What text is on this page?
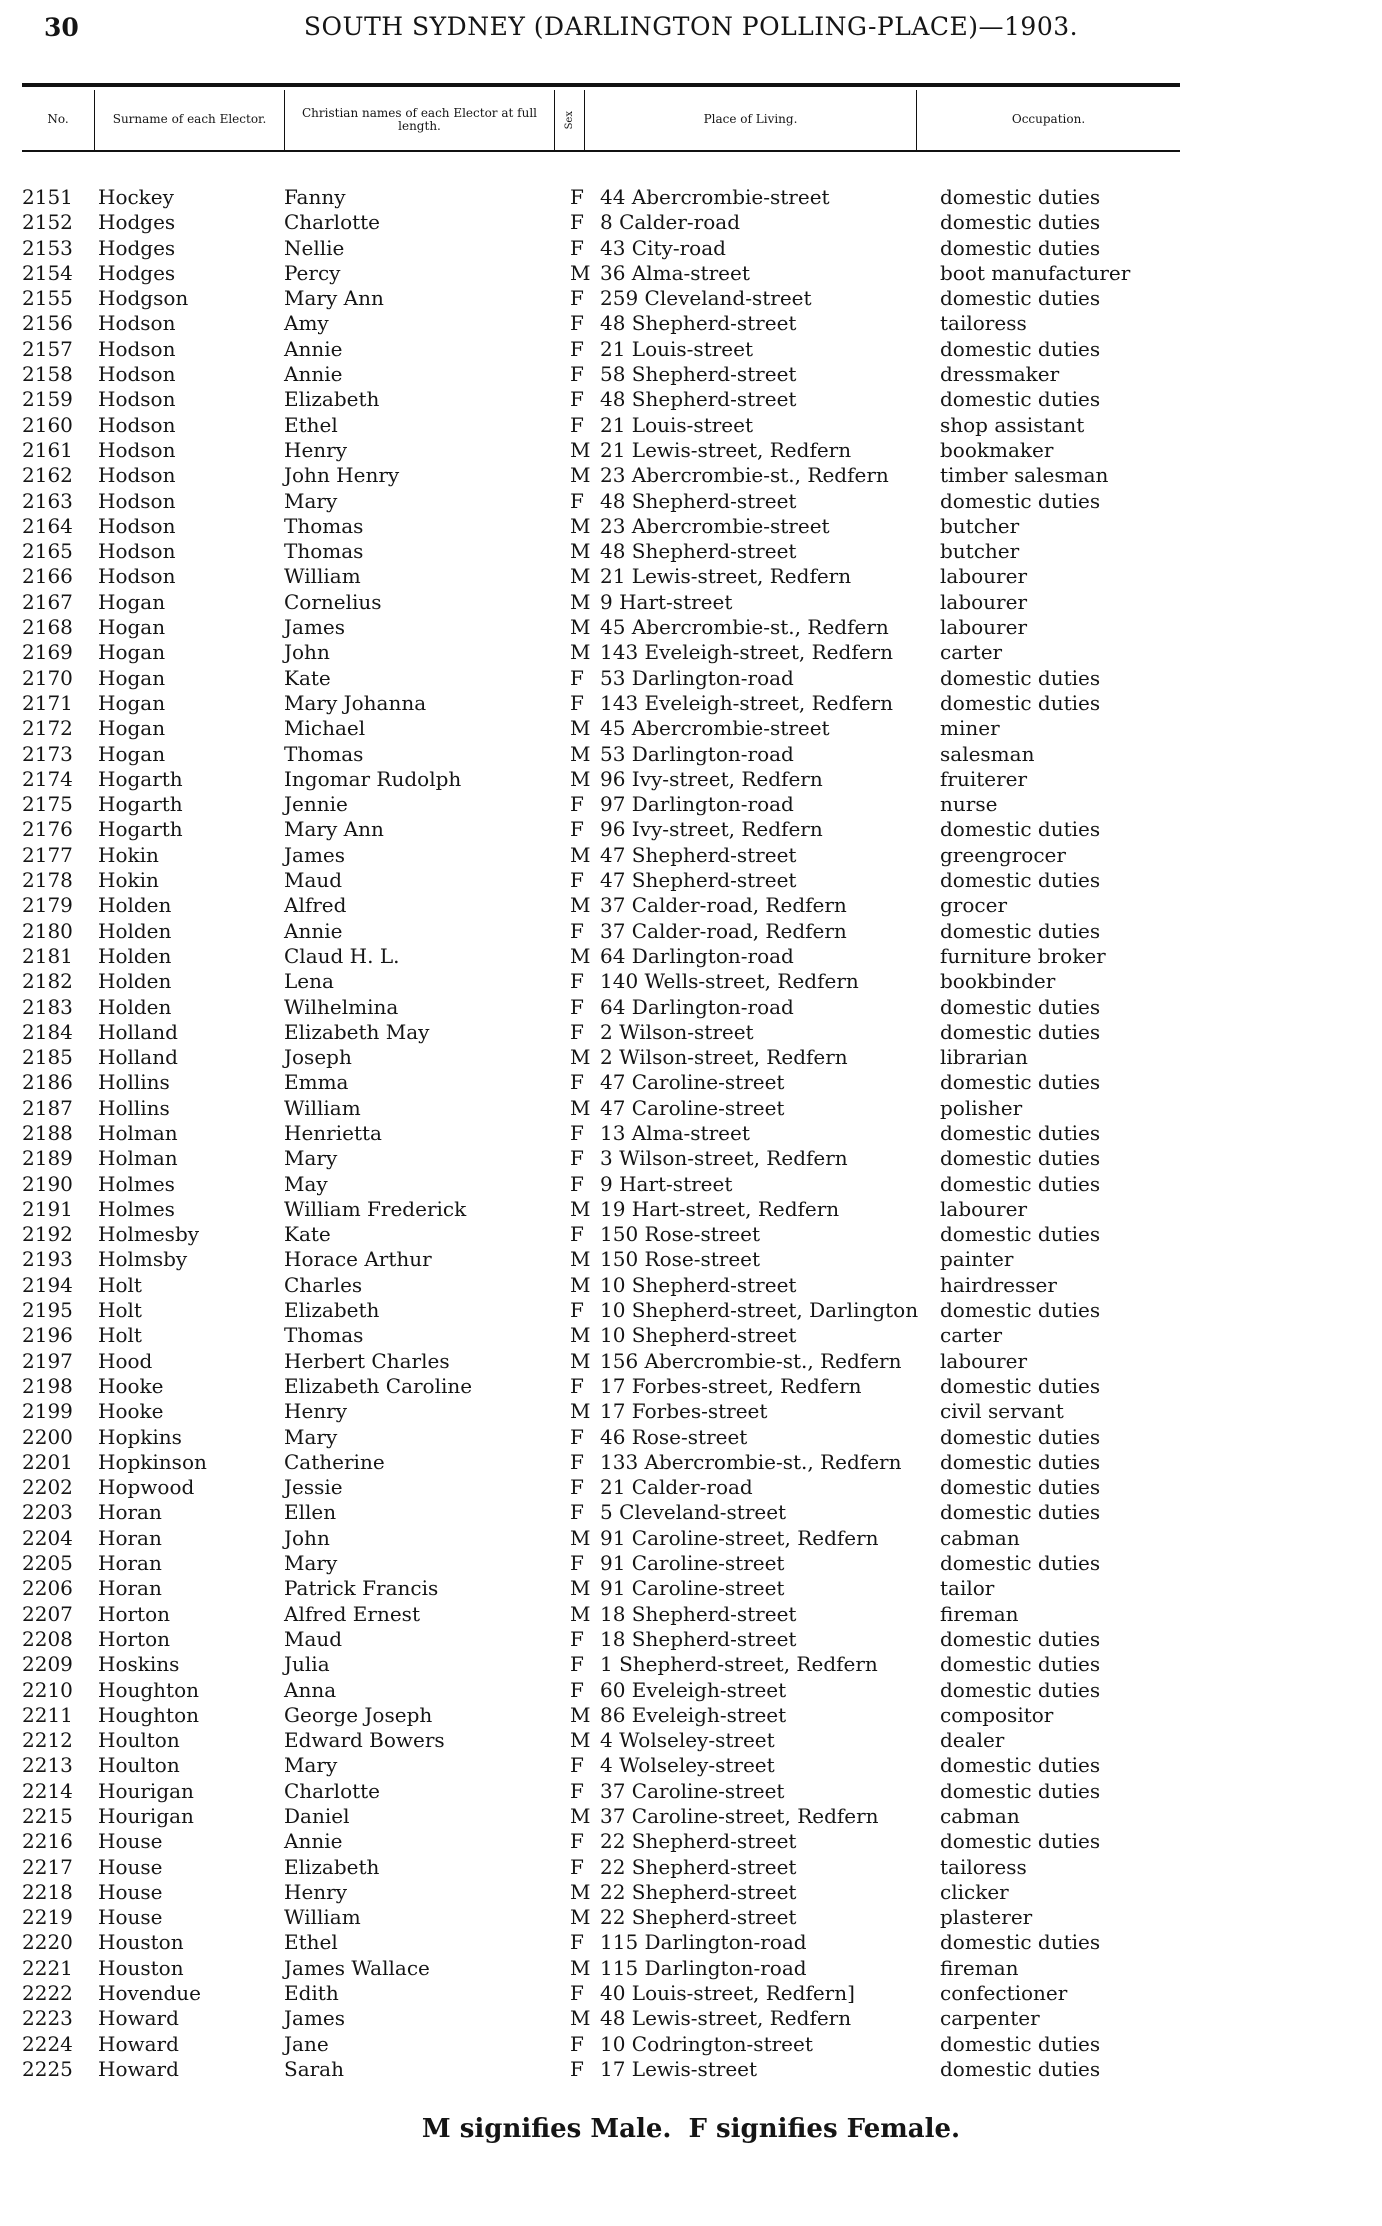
30	SOUTH SYDNEY (DARLINGTON POLLING-PLACE)—1903.
No.	Surname of each Elector.	Christian names of each Elector at full length.	Sex	Place of Living.	Occupation.
2151 Hockey	Fanny	F 44 Abercrombie-street	domestic duties
2152 Hodges	Charlotte	F 8 Calder-road	domestic duties
2153 Hodges	Nellie	F 43 City-road	domestic duties
2154 Hodges	Percy	M 36 Alma-street	boot manufacturer
2155 Hodgson	Mary Ann	F 259 Cleveland-street	domestic duties
2156 Hodson	Amy	F 48 Shepherd-street	tailoress
2157 Hodson	Annie	F 21 Louis-street	domestic duties
2158 Hodson	Annie	F 58 Shepherd-street	dressmaker
2159 Hodson	Elizabeth	F 48 Shepherd-street	domestic duties
2160 Hodson	Ethel	F 21 Louis-street	shop assistant
2161 Hodson	Henry	M 21 Lewis-street, Redfern	bookmaker
2162 Hodson	John Henry	M 23 Abercrombie-st., Redfern	timber salesman
2163 Hodson	Mary	F 48 Shepherd-street	domestic duties
2164 Hodson	Thomas	M 23 Abercrombie-street	butcher
2165 Hodson	Thomas	M 48 Shepherd-street	butcher
2166 Hodson	William	M 21 Lewis-street, Redfern	labourer
2167 Hogan	Cornelius	M 9 Hart-street	labourer
2168 Hogan	James	M 45 Abercrombie-st., Redfern	labourer
2169 Hogan	John	M 143 Eveleigh-street, Redfern carter
2170 Hogan	Kate	F 53 Darlington-road	domestic duties
2171 Hogan	Mary Johanna	F 143 Eveleigh-street, Redfern domestic duties
2172 Hogan	Michael	M 45 Abercrombie-street	miner
2173 Hogan	Thomas	M 53 Darlington-road	salesman
2174 Hogarth	Ingomar Rudolph	M 96 Ivy-street, Redfern	fruiterer
2175 Hogarth	Jennie	F 97 Darlington-road	nurse
2176 Hogarth	Mary Ann	F 96 Ivy-street, Redfern	domestic duties
2177 Hokin	James	M 47 Shepherd-street	greengrocer
2178 Hokin	Maud	F 47 Shepherd-street	domestic duties
2179 Holden	Alfred	M 37 Calder-road, Redfern	grocer
2180 Holden	Annie	F 37 Calder-road, Redfern	domestic duties
2181 Holden	Claud H. L.	M 64 Darlington-road	furniture broker
2182 Holden	Lena	F 140 Wells-street, Redfern	bookbinder
2183 Holden	Wilhelmina	F 64 Darlington-road	domestic duties
2184 Holland	Elizabeth May	F 2 Wilson-street	domestic duties
2185 Holland	Joseph	M 2 Wilson-street, Redfern	librarian
2186 Hollins	Emma	F 47 Caroline-street	domestic duties
2187 Hollins	William	M 47 Caroline-street	polisher
2188 Holman	Henrietta	F 13 Alma-street	domestic duties
2189 Holman	Mary	F 3 Wilson-street, Redfern	domestic duties
2190 Holmes	May	F 9 Hart-street	domestic duties
2191 Holmes	William Frederick	M 19 Hart-street, Redfern	labourer
2192 Holmesby	Kate	F 150 Rose-street	domestic duties
2193 Holmsby	Horace Arthur	M 150 Rose-street	painter
2194 Holt	Charles	M 10 Shepherd-street	hairdresser
2195 Holt	Elizabeth	F 10 Shepherd-street, Darlington domestic duties
2196 Holt	Thomas	M 10 Shepherd-street	carter
2197 Hood	Herbert Charles	M 156 Abercrombie-st., Redfern labourer
2198 Hooke	Elizabeth Caroline	F 17 Forbes-street, Redfern	domestic duties
2199 Hooke	Henry	M 17 Forbes-street	civil servant
2200 Hopkins	Mary	F 46 Rose-street	domestic duties
2201 Hopkinson	Catherine	F 133 Abercrombie-st., Redfern domestic duties
2202 Hopwood	Jessie	F 21 Calder-road	domestic duties
2203 Horan	Ellen	F 5 Cleveland-street	domestic duties
2204 Horan	John	M 91 Caroline-street, Redfern	cabman
2205 Horan	Mary	F 91 Caroline-street	domestic duties
2206 Horan	Patrick Francis	M 91 Caroline-street	tailor
2207 Horton	Alfred Ernest	M 18 Shepherd-street	fireman
2208 Horton	Maud	F 18 Shepherd-street	domestic duties
2209 Hoskins	Julia	F 1 Shepherd-street, Redfern	domestic duties
2210 Houghton	Anna	F 60 Eveleigh-street	domestic duties
2211 Houghton	George Joseph	M 86 Eveleigh-street	compositor
2212 Houlton	Edward Bowers	M 4 Wolseley-street	dealer
2213 Houlton	Mary	F 4 Wolseley-street	domestic duties
2214 Hourigan	Charlotte	F 37 Caroline-street	domestic duties
2215 Hourigan	Daniel	M 37 Caroline-street, Redfern	cabman
2216 House	Annie	F 22 Shepherd-street	domestic duties
2217 House	Elizabeth	F 22 Shepherd-street	tailoress
2218 House	Henry	M 22 Shepherd-street	clicker
2219 House	William	M 22 Shepherd-street	plasterer
2220 Houston	Ethel	F 115 Darlington-road	domestic duties
2221 Houston	James Wallace	M 115 Darlington-road	fireman
2222 Hovendue	Edith	F 40 Louis-street, Redfern]	confectioner
2223 Howard	James	M 48 Lewis-street, Redfern	carpenter
2224 Howard	Jane	F 10 Codrington-street	domestic duties
2225 Howard	Sarah	F 17 Lewis-street	domestic duties
M signifies Male. F signifies Female.
